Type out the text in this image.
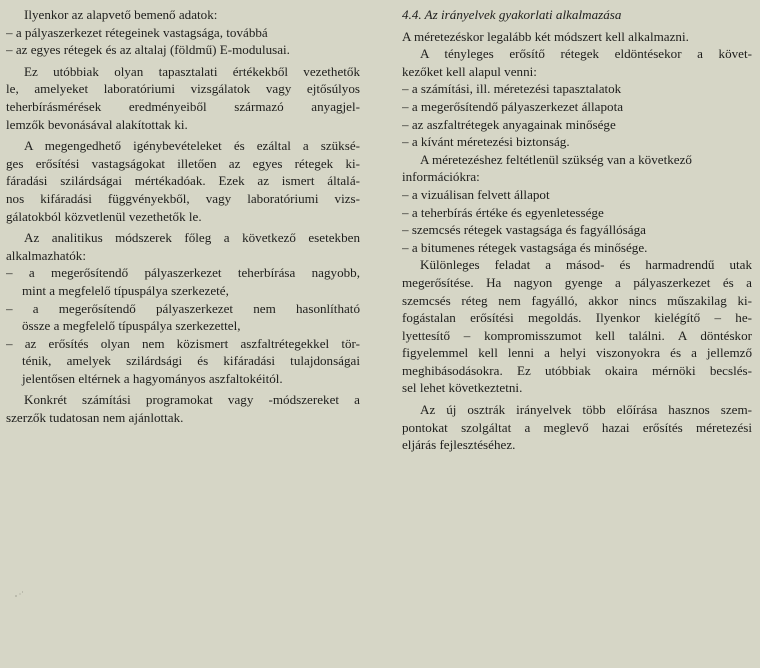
Ilyenkor az alapvető bemenő adatok:
– a pályaszerkezet rétegeinek vastagsága, továbbá
– az egyes rétegek és az altalaj (földmű) E-modulusai.
Ez utóbbiak olyan tapasztalati értékekből vezethetők
le, amelyeket laboratóriumi vizsgálatok vagy ejtősúlyos
teherbírásmérések eredményeiből származó anyagjel-
lemzők bevonásával alakítottak ki.
A megengedhető igénybevételeket és ezáltal a szüksé-
ges erősítési vastagságokat illetően az egyes rétegek ki-
fáradási szilárdságai mértékadóak. Ezek az ismert általá-
nos kifáradási függvényekből, vagy laboratóriumi vizs-
gálatokból közvetlenül vezethetők le.
Az analitikus módszerek főleg a következő esetekben
alkalmazhatók:
– a megerősítendő pályaszerkezet teherbírása nagyobb,
mint a megfelelő típuspálya szerkezeté,
– a megerősítendő pályaszerkezet nem hasonlítható
össze a megfelelő típuspálya szerkezettel,
– az erősítés olyan nem közismert aszfaltrétegekkel tör-
ténik, amelyek szilárdsági és kifáradási tulajdonságai
jelentősen eltérnek a hagyományos aszfaltokéitól.
Konkrét számítási programokat vagy -módszereket a
szerzők tudatosan nem ajánlottak.
4.4. Az irányelvek gyakorlati alkalmazása
A méretezéskor legalább két módszert kell alkalmazni.
A tényleges erősítő rétegek eldöntésekor a követ-
kezőket kell alapul venni:
– a számítási, ill. méretezési tapasztalatok
– a megerősítendő pályaszerkezet állapota
– az aszfaltrétegek anyagainak minősége
– a kívánt méretezési biztonság.
A méretezéshez feltétlenül szükség van a következő
információkra:
– a vizuálisan felvett állapot
– a teherbírás értéke és egyenletessége
– szemcsés rétegek vastagsága és fagyállósága
– a bitumenes rétegek vastagsága és minősége.
Különleges feladat a másod- és harmadrendű utak
megerősítése. Ha nagyon gyenge a pályaszerkezet és a
szemcsés réteg nem fagyálló, akkor nincs műszakilag ki-
fogástalan erősítési megoldás. Ilyenkor kielégítő – he-
lyettesítő – kompromisszumot kell találni. A döntéskor
figyelemmel kell lenni a helyi viszonyokra és a jellemző
meghibásodásokra. Ez utóbbiak okaira mérnöki becslés-
sel lehet következtetni.
Az új osztrák irányelvek több előírása hasznos szem-
pontokat szolgáltat a meglevő hazai erősítés méretezési
eljárás fejlesztéséhez.
